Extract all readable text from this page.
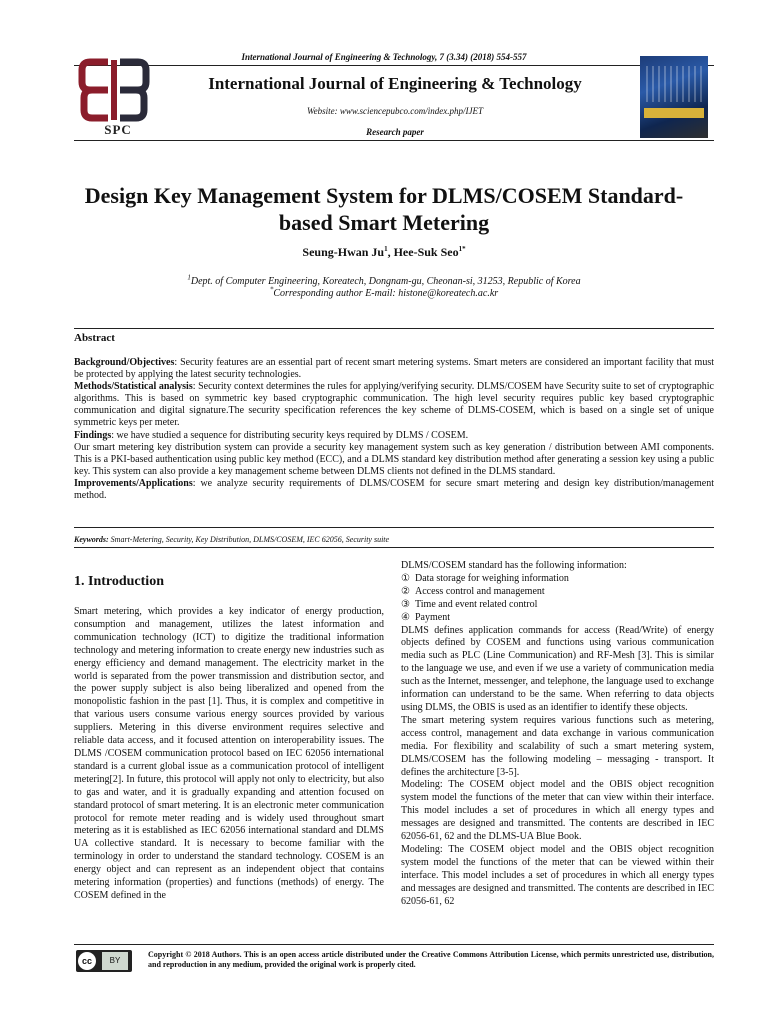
International Journal of Engineering & Technology, 7 (3.34) (2018) 554-557
SPC
International Journal of Engineering & Technology
Website: www.sciencepubco.com/index.php/IJET
Research paper
Design Key Management System for DLMS/COSEM Standard-based Smart Metering
Seung-Hwan Ju$^1$, Hee-Suk Seo$^{1*}$
$^1$Dept. of Computer Engineering, Koreatech, Dongnam-gu, Cheonan-si, 31253, Republic of Korea
*Corresponding author E-mail: histone@koreatech.ac.kr
Abstract

Background/Objectives: Security features are an essential part of recent smart metering systems. Smart meters are considered an important facility that must be protected by applying the latest security technologies.

Methods/Statistical analysis: Security context determines the rules for applying/verifying security. DLMS/COSEM have Security suite to set of cryptographic algorithms. This is based on symmetric key based cryptographic communication. The high level security requires public key based cryptographic communication and digital signature.The security specification references the key scheme of DLMS-COSEM, which is based on a single set of unique symmetric keys per meter.

Findings: we have studied a sequence for distributing security keys required by DLMS / COSEM.

Our smart metering key distribution system can provide a security key management system such as key generation / distribution between AMI components. This is a PKI-based authentication using public key method (ECC), and a DLMS standard key distribution method after generating a session key using a public key. This system can also provide a key management scheme between DLMS clients not defined in the DLMS standard.

Improvements/Applications: we analyze security requirements of DLMS/COSEM for secure smart metering and design key distribution/management method.

Keywords: Smart-Metering, Security, Key Distribution, DLMS/COSEM, IEC 62056, Security suite
1. Introduction

Smart metering, which provides a key indicator of energy production, consumption and management, utilizes the latest information and communication technology (ICT) to digitize the traditional information technology and metering information to create energy new industries such as energy efficiency and demand management. The electricity market in the world is separated from the power transmission and distribution sector, and the power supply subject is also being liberalized and opened from the monopolistic fashion in the past [1]. Thus, it is complex and competitive in that various users consume various energy sources provided by various suppliers. Metering in this diverse environment requires selective and reliable data access, and it focused attention on interoperability issues. The DLMS /COSEM communication protocol based on IEC 62056 international standard is a current global issue as a communication protocol of intelligent metering[2]. In future, this protocol will apply not only to electricity, but also to gas and water, and it is gradually expanding and attention focused on standard protocol of smart metering. It is an electronic meter communication protocol for remote meter reading and is widely used throughout smart metering as it is established as IEC 62056 international standard and DLMS UA collective standard. It is necessary to become familiar with the terminology in order to understand the standard technology. COSEM is an energy object and can represent as an independent object that contains metering information (properties) and functions (methods) of energy. The COSEM defined in the

DLMS/COSEM standard has the following information:

① Data storage for weighing information

② Access control and management

③ Time and event related control

④ Payment

DLMS defines application commands for access (Read/Write) of energy objects defined by COSEM and functions using various communication media such as PLC (Line Communication) and RF-Mesh [3]. This is similar to the language we use, and even if we use a variety of communication media such as the Internet, messenger, and telephone, the language used to exchange information can understand to be the same. When referring to data objects using DLMS, the OBIS is used as an identifier to identify these objects.

The smart metering system requires various functions such as metering, access control, management and data exchange in various communication media. For flexibility and scalability of such a smart metering system, DLMS/COSEM has the following modeling – messaging - transport. It defines the architecture [3-5].

Modeling: The COSEM object model and the OBIS object recognition system model the functions of the meter that can view within their interface. This model includes a set of procedures in which all energy types and messages are designed and transmitted. The contents are described in IEC 62056-61, 62 and the DLMS-UA Blue Book.

Modeling: The COSEM object model and the OBIS object recognition system model the functions of the meter that can be viewed within their interface. This model includes a set of procedures in which all energy types and messages are designed and transmitted. The contents are described in IEC 62056-61, 62

cc	BY
Copyright © 2018 Authors. This is an open access article distributed under the Creative Commons Attribution License, which permits unrestricted use, distribution, and reproduction in any medium, provided the original work is properly cited.
